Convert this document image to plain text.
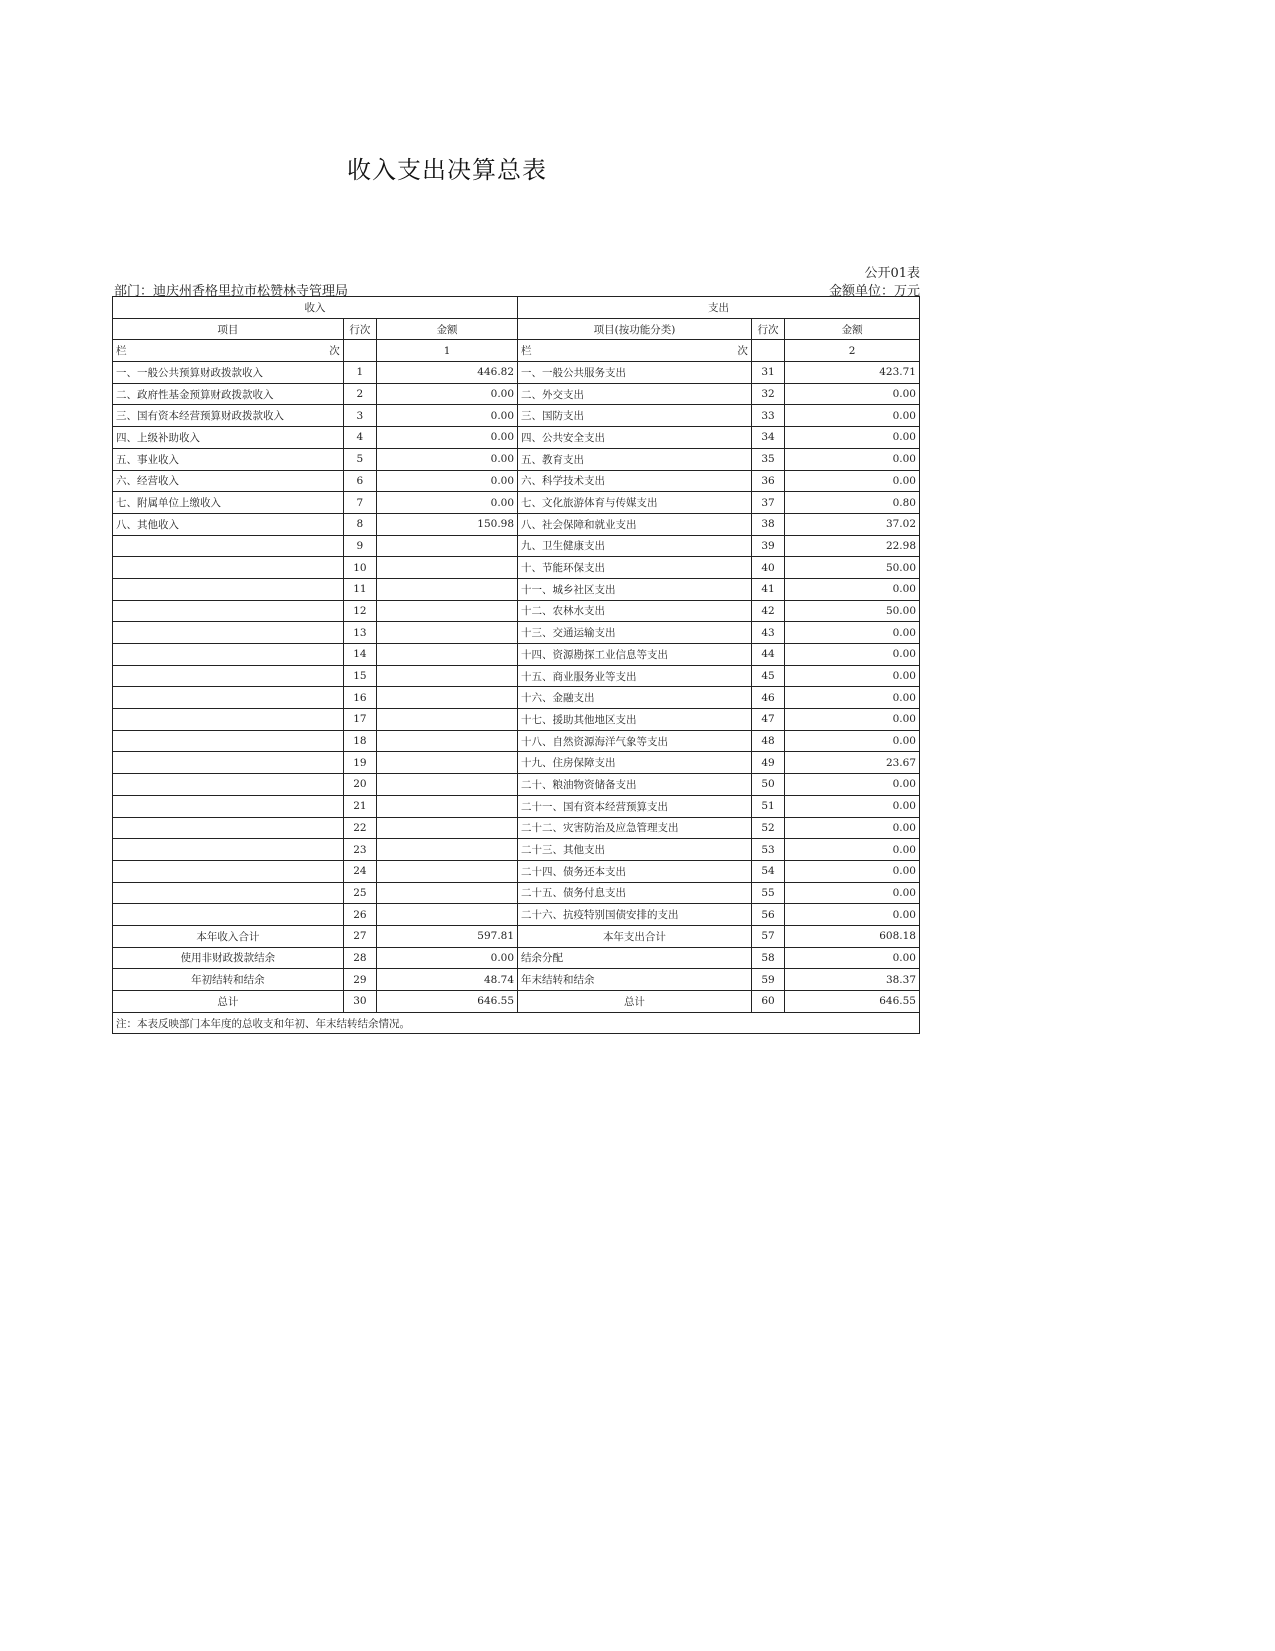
收入支出决算总表
公开01表
部门：迪庆州香格里拉市松赞林寺管理局	金额单位：万元
收入			支出		
项目	行次	金额	项目(按功能分类)	行次	金额

栏 次		1	栏 次		2
一、一般公共预算财政拨款收入	1	446.82	一、一般公共服务支出	31	423.71
二、政府性基金预算财政拨款收入	2	0.00	二、外交支出	32	0.00
三、国有资本经营预算财政拨款收入	3	0.00	三、国防支出	33	0.00
四、上级补助收入	4	0.00	四、公共安全支出	34	0.00
五、事业收入	5	0.00	五、教育支出	35	0.00
六、经营收入	6	0.00	六、科学技术支出	36	0.00
七、附属单位上缴收入	7	0.00	七、文化旅游体育与传媒支出	37	0.80
八、其他收入	8	150.98	八、社会保障和就业支出	38	37.02
	9		九、卫生健康支出	39	22.98
	10		十、节能环保支出	40	50.00
	11		十一、城乡社区支出	41	0.00
	12		十二、农林水支出	42	50.00
	13		十三、交通运输支出	43	0.00
	14		十四、资源勘探工业信息等支出	44	0.00
	15		十五、商业服务业等支出	45	0.00
	16		十六、金融支出	46	0.00
	17		十七、援助其他地区支出	47	0.00
	18		十八、自然资源海洋气象等支出	48	0.00
	19		十九、住房保障支出	49	23.67
	20		二十、粮油物资储备支出	50	0.00
	21		二十一、国有资本经营预算支出	51	0.00
	22		二十二、灾害防治及应急管理支出	52	0.00
	23		二十三、其他支出	53	0.00
	24		二十四、债务还本支出	54	0.00
	25		二十五、债务付息支出	55	0.00
	26		二十六、抗疫特别国债安排的支出	56	0.00
本年收入合计	27	597.81	本年支出合计	57	608.18
使用非财政拨款结余	28	0.00	结余分配	58	0.00
年初结转和结余	29	48.74	年末结转和结余	59	38.37
总计	30	646.55	总计	60	646.55
注：本表反映部门本年度的总收支和年初、年末结转结余情况。					
